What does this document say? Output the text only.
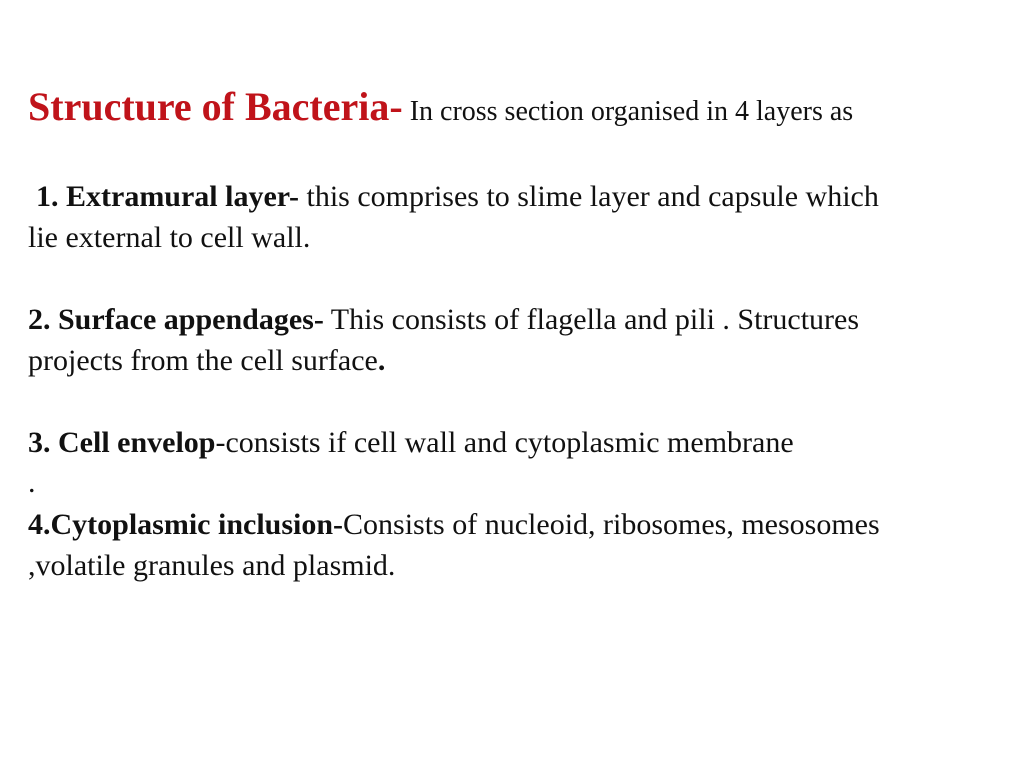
Structure of Bacteria- In cross section organised in 4 layers as
1. Extramural layer- this comprises to slime layer and capsule which
lie external to cell wall.
2. Surface appendages- This consists of flagella and pili . Structures
projects from the cell surface.
3. Cell envelop-consists if cell wall and cytoplasmic membrane
.
4.Cytoplasmic inclusion-Consists of nucleoid, ribosomes, mesosomes
,volatile granules and plasmid.
